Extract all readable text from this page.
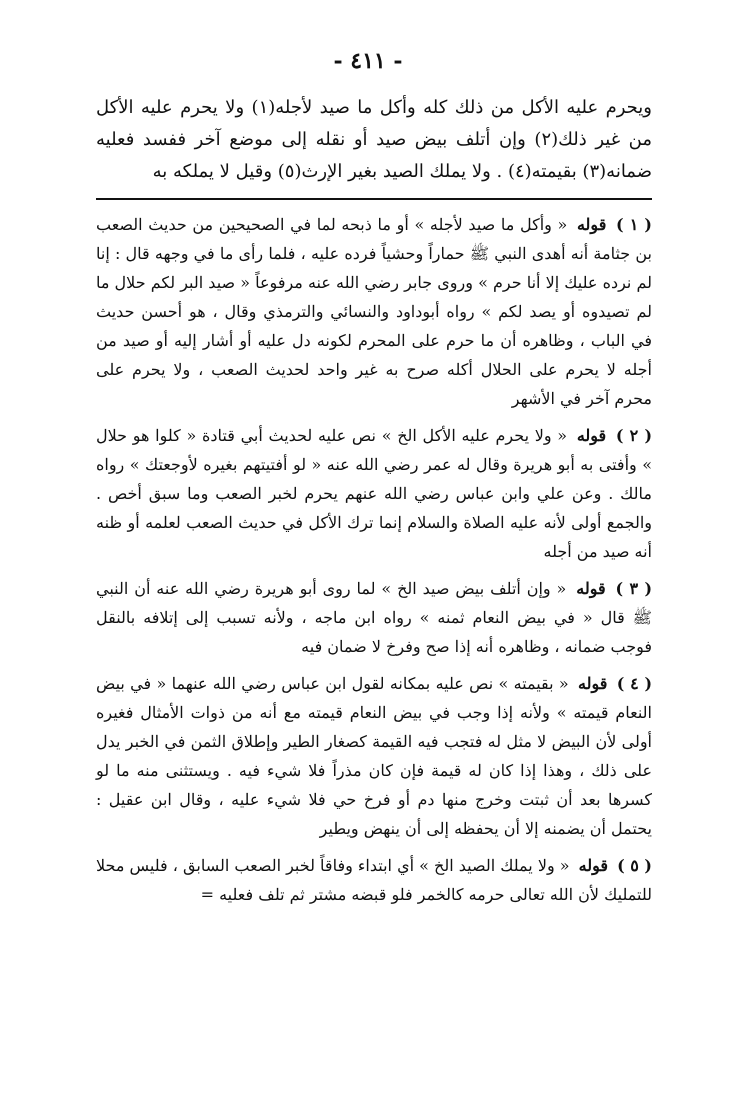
- ٤١١ -

ويحرم عليه الأكل من ذلك كله وأكل ما صيد لأجله(١) ولا يحرم عليه الأكل من غير ذلك(٢) وإن أتلف بيض صيد أو نقله إلى موضع آخر ففسد فعليه ضمانه(٣) بقيمته(٤) . ولا يملك الصيد بغير الإرث(٥) وقيل لا يملكه به

( ١ ) قوله « وأكل ما صيد لأجله » أو ما ذبحه لما في الصحيحين من حديث الصعب بن جثامة أنه أهدى النبي ﷺ حماراً وحشياً فرده عليه ، فلما رأى ما في وجهه قال : إنا لم نرده عليك إلا أنا حرم » وروى جابر رضي الله عنه مرفوعاً « صيد البر لكم حلال ما لم تصيدوه أو يصد لكم » رواه أبوداود والنسائي والترمذي وقال ، هو أحسن حديث في الباب ، وظاهره أن ما حرم على المحرم لكونه دل عليه أو أشار إليه أو صيد من أجله لا يحرم على الحلال أكله صرح به غير واحد لحديث الصعب ، ولا يحرم على محرم آخر في الأشهر

( ٢ ) قوله « ولا يحرم عليه الأكل الخ » نص عليه لحديث أبي قتادة « كلوا هو حلال » وأفتى به أبو هريرة وقال له عمر رضي الله عنه « لو أفتيتهم بغيره لأوجعتك » رواه مالك . وعن علي وابن عباس رضي الله عنهم يحرم لخبر الصعب وما سبق أخص . والجمع أولى لأنه عليه الصلاة والسلام إنما ترك الأكل في حديث الصعب لعلمه أو ظنه أنه صيد من أجله

( ٣ ) قوله « وإن أتلف بيض صيد الخ » لما روى أبو هريرة رضي الله عنه أن النبي ﷺ قال « في بيض النعام ثمنه » رواه ابن ماجه ، ولأنه تسبب إلى إتلافه بالنقل فوجب ضمانه ، وظاهره أنه إذا صح وفرخ لا ضمان فيه

( ٤ ) قوله « بقيمته » نص عليه بمكانه لقول ابن عباس رضي الله عنهما « في بيض النعام قيمته » ولأنه إذا وجب في بيض النعام قيمته مع أنه من ذوات الأمثال فغيره أولى لأن البيض لا مثل له فتجب فيه القيمة كصغار الطير وإطلاق الثمن في الخبر يدل على ذلك ، وهذا إذا كان له قيمة فإن كان مذراً فلا شيء فيه . ويستثنى منه ما لو كسرها بعد أن ثبتت وخرج منها دم أو فرخ حي فلا شيء عليه ، وقال ابن عقيل : يحتمل أن يضمنه إلا أن يحفظه إلى أن ينهض ويطير

( ٥ ) قوله « ولا يملك الصيد الخ » أي ابتداء وفاقاً لخبر الصعب السابق ، فليس محلا للتمليك لأن الله تعالى حرمه كالخمر فلو قبضه مشتر ثم تلف فعليه =
